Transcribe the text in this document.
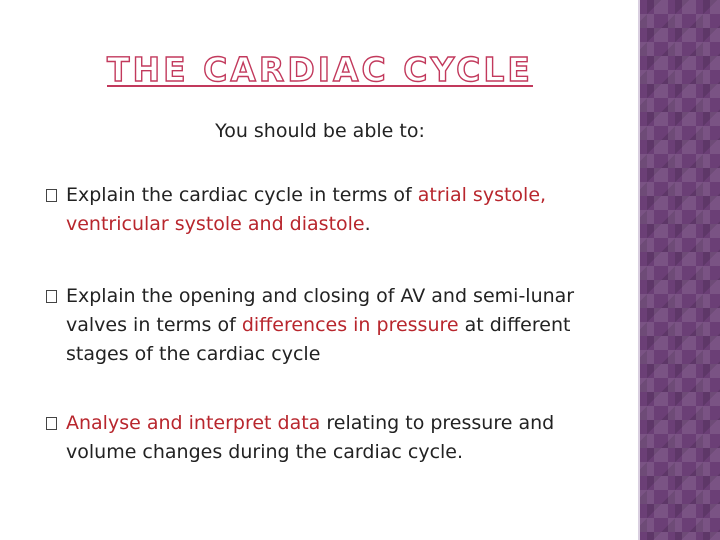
THE CARDIAC CYCLE
You should be able to:
Explain the cardiac cycle in terms of atrial systole, ventricular systole and diastole.
Explain the opening and closing of AV and semi-lunar valves in terms of differences in pressure at different stages of the cardiac cycle
Analyse and interpret data relating to pressure and volume changes during the cardiac cycle.
